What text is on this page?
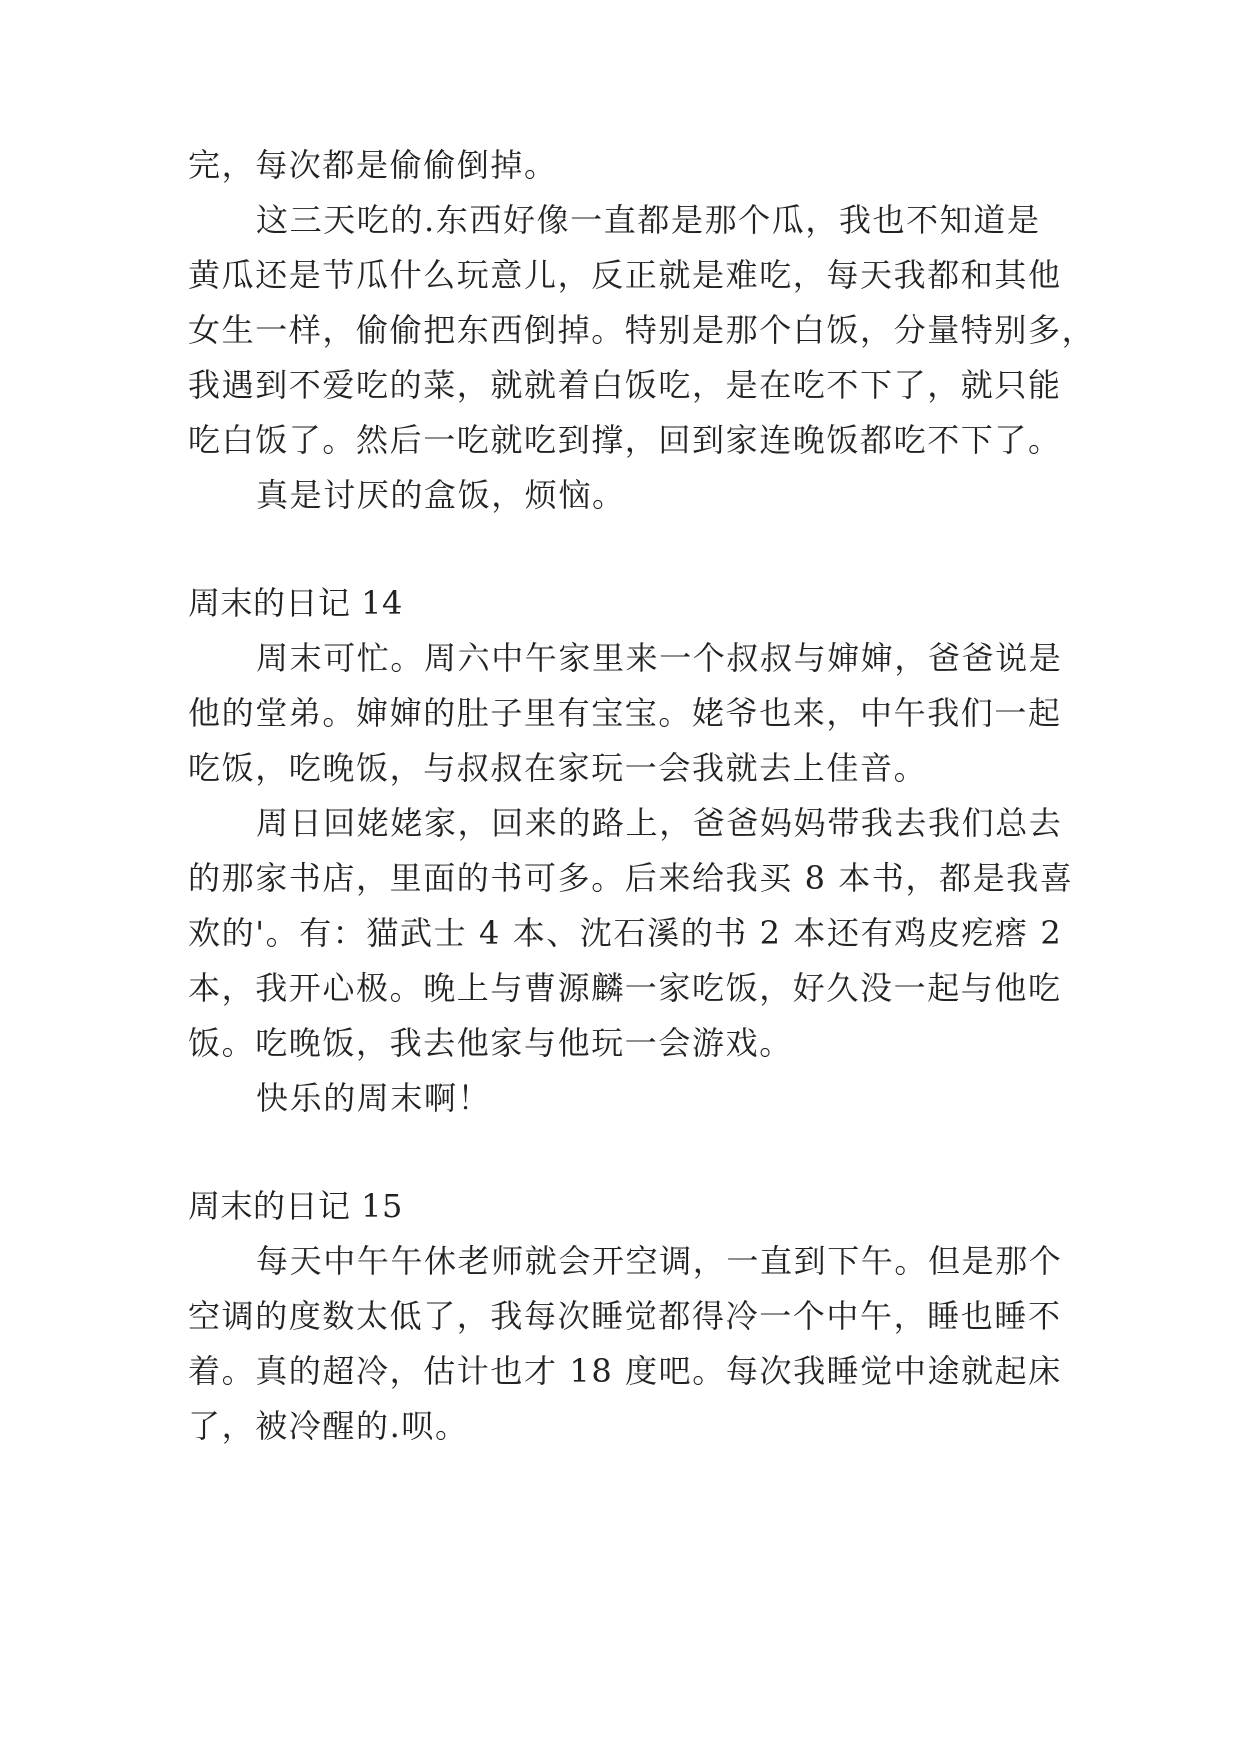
完，每次都是偷偷倒掉。
这三天吃的.东西好像一直都是那个瓜，我也不知道是
黄瓜还是节瓜什么玩意儿，反正就是难吃，每天我都和其他
女生一样，偷偷把东西倒掉。特别是那个白饭，分量特别多，
我遇到不爱吃的菜，就就着白饭吃，是在吃不下了，就只能
吃白饭了。然后一吃就吃到撑，回到家连晚饭都吃不下了。
真是讨厌的盒饭，烦恼。
周末的日记 14
周末可忙。周六中午家里来一个叔叔与婶婶，爸爸说是
他的堂弟。婶婶的肚子里有宝宝。姥爷也来，中午我们一起
吃饭，吃晚饭，与叔叔在家玩一会我就去上佳音。
周日回姥姥家，回来的路上，爸爸妈妈带我去我们总去
的那家书店，里面的书可多。后来给我买 8 本书，都是我喜
欢的'。有：猫武士 4 本、沈石溪的书 2 本还有鸡皮疙瘩 2
本，我开心极。晚上与曹源麟一家吃饭，好久没一起与他吃
饭。吃晚饭，我去他家与他玩一会游戏。
快乐的周末啊！
周末的日记 15
每天中午午休老师就会开空调，一直到下午。但是那个
空调的度数太低了，我每次睡觉都得冷一个中午，睡也睡不
着。真的超冷，估计也才 18 度吧。每次我睡觉中途就起床
了，被冷醒的.呗。
